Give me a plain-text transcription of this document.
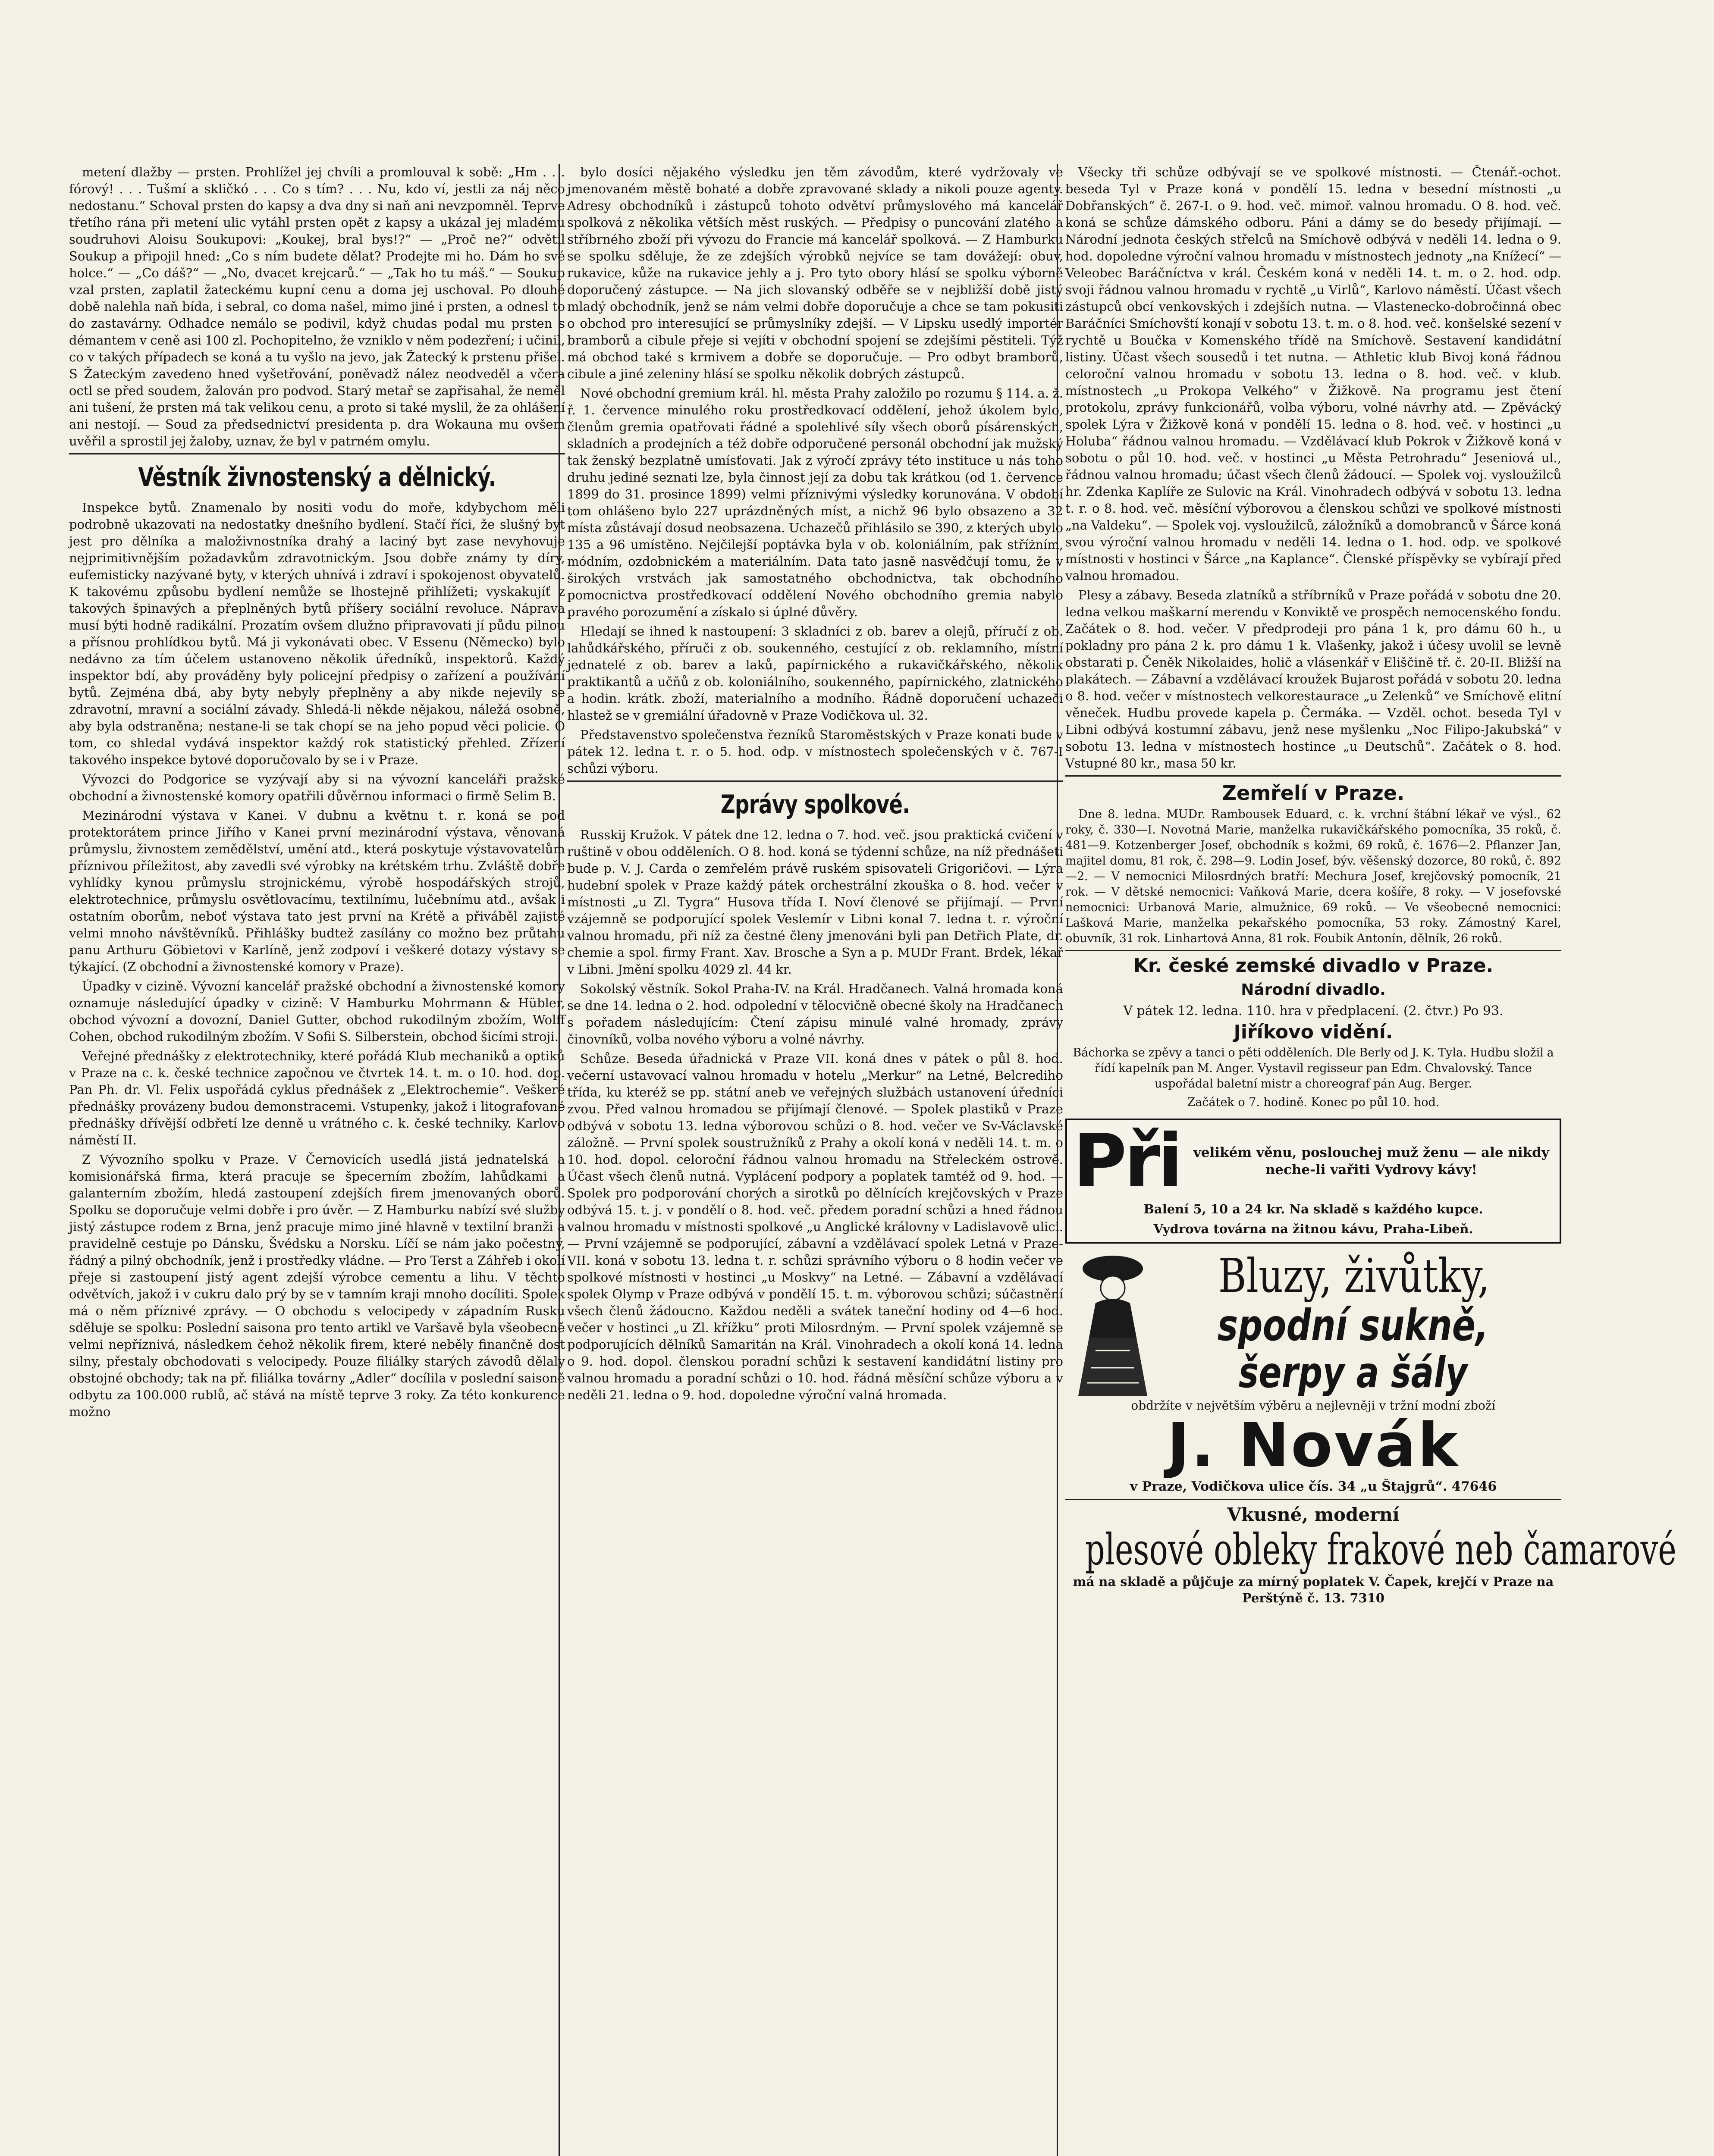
metení dlažby — prsten. Prohlížel jej chvíli a promlouval k sobě: „Hm . . . fórový! . . . Tušmí a skličkó . . . Co s tím? . . . Nu, kdo ví, jestli za náj něco nedostanu.“ Schoval prsten do kapsy a dva dny si naň ani nevzpomněl. Teprve třetího rána při metení ulic vytáhl prsten opět z kapsy a ukázal jej mladému soudruhovi Aloisu Soukupovi: „Koukej, bral bys!?“ — „Proč ne?“ odvětil Soukup a připojil hned: „Co s ním budete dělat? Prodejte mi ho. Dám ho své holce.“ — „Co dáš?“ — „No, dvacet krejcarů.“ — „Tak ho tu máš.“ — Soukup vzal prsten, zaplatil žateckému kupní cenu a doma jej uschoval. Po dlouhé době nalehla naň bída, i sebral, co doma našel, mimo jiné i prsten, a odnesl to do zastavárny. Odhadce nemálo se podivil, když chudas podal mu prsten s démantem v ceně asi 100 zl. Pochopitelno, že vzniklo v něm podezření; i učinil, co v takých případech se koná a tu vyšlo na jevo, jak Žatecký k prstenu přišel. S Žateckým zavedeno hned vyšetřování, poněvadž nález neodveděl a včera octl se před soudem, žalován pro podvod. Starý metař se zapřisahal, že neměl ani tušení, že prsten má tak velikou cenu, a proto si také myslil, že za ohlášení ani nestojí. — Soud za předsednictví presidenta p. dra Wokauna mu ovšem uvěřil a sprostil jej žaloby, uznav, že byl v patrném omylu.

Věstník živnostenský a dělnický.

Inspekce bytů. Znamenalo by nositi vodu do moře, kdybychom měli podrobně ukazovati na nedostatky dnešního bydlení. Stačí říci, že slušný byt jest pro dělníka a maloživnostníka drahý a laciný byt zase nevyhovuje nejprimitivnějším požadavkům zdravotnickým. Jsou dobře známy ty díry, eufemisticky nazývané byty, v kterých uhnívá i zdraví i spokojenost obyvatelů. K takovému způsobu bydlení nemůže se lhostejně přihlížeti; vyskakujíť z takových špinavých a přeplněných bytů příšery sociální revoluce. Náprava musí býti hodně radikální. Prozatím ovšem dlužno připravovati jí půdu pilnou a přísnou prohlídkou bytů. Má ji vykonávati obec. V Essenu (Německo) bylo nedávno za tím účelem ustanoveno několik úředníků, inspektorů. Každý inspektor bdí, aby prováděny byly policejní předpisy o zařízení a používání bytů. Zejména dbá, aby byty nebyly přeplněny a aby nikde nejevily se zdravotní, mravní a sociální závady. Shledá-li někde nějakou, náležá osobně, aby byla odstraněna; nestane-li se tak chopí se na jeho popud věci policie. O tom, co shledal vydává inspektor každý rok statistický přehled. Zřízení takového inspekce bytové doporučovalo by se i v Praze.

Vývozci do Podgorice se vyzývají aby si na vývozní kanceláři pražské obchodní a živnostenské komory opatřili důvěrnou informaci o firmě Selim B.

Mezinárodní výstava v Kanei. V dubnu a květnu t. r. koná se pod protektorátem prince Jiřího v Kanei první mezinárodní výstava, věnovaná průmyslu, živnostem zemědělství, umění atd., která poskytuje výstavovatelům příznivou příležitost, aby zavedli své výrobky na krétském trhu. Zvláště dobře vyhlídky kynou průmyslu strojnickému, výrobě hospodářských strojů, elektrotechnice, průmyslu osvětlovacímu, textilnímu, lučebnímu atd., avšak i ostatním oborům, neboť výstava tato jest první na Krétě a přiváběl zajisté velmi mnoho návštěvníků. Přihlášky budtež zasílány co možno bez průtahu panu Arthuru Göbietovi v Karlíně, jenž zodpoví i veškeré dotazy výstavy se týkající. (Z obchodní a živnostenské komory v Praze).

Úpadky v cizině. Vývozní kancelář pražské obchodní a živnostenské komory oznamuje následující úpadky v cizině: V Hamburku Mohrmann & Hübler, obchod vývozní a dovozní, Daniel Gutter, obchod rukodilným zbožím, Wolff Cohen, obchod rukodilným zbožím. V Sofii S. Silberstein, obchod šicími stroji.

Veřejné přednášky z elektrotechniky, které pořádá Klub mechaniků a optiků v Praze na c. k. české technice započnou ve čtvrtek 14. t. m. o 10. hod. dop. Pan Ph. dr. Vl. Felix uspořádá cyklus přednášek z „Elektrochemie“. Veškeré přednášky provázeny budou demonstracemi. Vstupenky, jakož i litografované přednášky dřívější odbřetí lze denně u vrátného c. k. české techniky. Karlovo náměstí II.

Z Vývozního spolku v Praze. V Černovicích usedlá jistá jednatelská a komisionářská firma, která pracuje se špecerním zbožím, lahůdkami a galanterním zbožím, hledá zastoupení zdejších firem jmenovaných oborů. Spolku se doporučuje velmi dobře i pro úvěr. — Z Hamburku nabízí své služby jistý zástupce rodem z Brna, jenž pracuje mimo jiné hlavně v textilní branži a pravidelně cestuje po Dánsku, Švédsku a Norsku. Líčí se nám jako počestný, řádný a pilný obchodník, jenž i prostředky vládne. — Pro Terst a Záhřeb i okolí přeje si zastoupení jistý agent zdejší výrobce cementu a lihu. V těchto odvětvích, jakož i v cukru dalo prý by se v tamním kraji mnoho docíliti. Spolek má o něm příznivé zprávy. — O obchodu s velocipedy v západním Rusku sděluje se spolku: Poslední saisona pro tento artikl ve Varšavě byla všeobecně velmi nepříznivá, následkem čehož několik firem, které neběly finančně dost silny, přestaly obchodovati s velocipedy. Pouze filiálky starých závodů dělaly obstojné obchody; tak na př. filiálka továrny „Adler“ docílila v poslední saisoně odbytu za 100.000 rublů, ač stává na místě teprve 3 roky. Za této konkurence možno

bylo dosíci nějakého výsledku jen těm závodům, které vydržovaly ve jmenovaném městě bohaté a dobře zpravované sklady a nikoli pouze agenty. Adresy obchodníků i zástupců tohoto odvětví průmyslového má kancelář spolková z několika větších měst ruských. — Předpisy o puncování zlatého a stříbrného zboží při vývozu do Francie má kancelář spolková. — Z Hamburku se spolku sděluje, že ze zdejších výrobků nejvíce se tam dovážejí: obuv, rukavice, kůže na rukavice jehly a j. Pro tyto obory hlásí se spolku výborně doporučený zástupce. — Na jich slovanský odběře se v nejbližší době jistý mladý obchodník, jenž se nám velmi dobře doporučuje a chce se tam pokusiti o obchod pro interesující se průmyslníky zdejší. — V Lipsku usedlý importér bramborů a cibule přeje si vejíti v obchodní spojení se zdejšími pěstiteli. Týž má obchod také s krmivem a dobře se doporučuje. — Pro odbyt bramborů, cibule a jiné zeleniny hlásí se spolku několik dobrých zástupců.

Nové obchodní gremium král. hl. města Prahy založilo po rozumu § 114. a. ž. ř. 1. července minulého roku prostředkovací oddělení, jehož úkolem bylo, členům gremia opatřovati řádné a spolehlivé síly všech oborů písárenských, skladních a prodejních a též dobře odporučené personál obchodní jak mužský tak ženský bezplatně umísťovati. Jak z výročí zprávy této instituce u nás toho druhu jediné seznati lze, byla činnost její za dobu tak krátkou (od 1. července 1899 do 31. prosince 1899) velmi příznivými výsledky korunována. V období tom ohlášeno bylo 227 uprázdněných míst, a nichž 96 bylo obsazeno a 32 místa zůstávají dosud neobsazena. Uchazečů přihlásilo se 390, z kterých ubylo 135 a 96 umístěno. Nejčilejší poptávka byla v ob. koloniálním, pak stříżním, módním, ozdobnickém a materiálním. Data tato jasně nasvědčují tomu, že v širokých vrstvách jak samostatného obchodnictva, tak obchodního pomocnictva prostředkovací oddělení Nového obchodního gremia nabylo pravého porozumění a získalo si úplné důvěry.

Hledají se ihned k nastoupení: 3 skladníci z ob. barev a olejů, příručí z ob. lahůdkářského, příruči z ob. soukenného, cestující z ob. reklamního, místní jednatelé z ob. barev a laků, papírnického a rukavičkářského, několik praktikantů a učňů z ob. koloniálního, soukenného, papírnického, zlatnického a hodin. krátk. zboží, materialního a modního. Řádně doporučení uchazeči hlastež se v gremiální úřadovně v Praze Vodičkova ul. 32.

Představenstvo společenstva řezníků Staroměstských v Praze konati bude v pátek 12. ledna t. r. o 5. hod. odp. v místnostech společenských v č. 767-I schůzi výboru.

Zprávy spolkové.

Russkij Kružok. V pátek dne 12. ledna o 7. hod. več. jsou praktická cvičení v ruštině v obou odděleních. O 8. hod. koná se týdenní schůze, na níž přednášeti bude p. V. J. Carda o zemřelém právě ruském spisovateli Grigoričovi. — Lýra hudební spolek v Praze každý pátek orchestrální zkouška o 8. hod. večer v místnosti „u Zl. Tygra“ Husova třída I. Noví členové se přijímají. — První vzájemně se podporující spolek Veslemír v Libni konal 7. ledna t. r. výroční valnou hromadu, při níž za čestné členy jmenováni byli pan Detřich Plate, dr. chemie a spol. firmy Frant. Xav. Brosche a Syn a p. MUDr Frant. Brdek, lékař v Libni. Jmění spolku 4029 zl. 44 kr.

Sokolský věstník. Sokol Praha-IV. na Král. Hradčanech. Valná hromada koná se dne 14. ledna o 2. hod. odpolední v tělocvičně obecné školy na Hradčanech s pořadem následujícím: Čtení zápisu minulé valné hromady, zprávy činovníků, volba nového výboru a volné návrhy.

Schůze. Beseda úřadnická v Praze VII. koná dnes v pátek o půl 8. hod. večerní ustavovací valnou hromadu v hotelu „Merkur“ na Letné, Belcrediho třída, ku kteréž se pp. státní aneb ve veřejných službách ustanovení úředníci zvou. Před valnou hromadou se přijímají členové. — Spolek plastiků v Praze odbývá v sobotu 13. ledna výborovou schůzi o 8. hod. večer ve Sv-Václavské záložně. — První spolek soustružníků z Prahy a okolí koná v neděli 14. t. m. o 10. hod. dopol. celoroční řádnou valnou hromadu na Střeleckém ostrově. Účast všech členů nutná. Vyplácení podpory a poplatek tamtéž od 9. hod. — Spolek pro podporování chorých a sirotků po dělnících krejčovských v Praze odbývá 15. t. j. v pondělí o 8. hod. več. předem poradní schůzi a hned řádnou valnou hromadu v místnosti spolkové „u Anglické královny v Ladislavově ulici. — První vzájemně se podporující, zábavní a vzdělávací spolek Letná v Praze-VII. koná v sobotu 13. ledna t. r. schůzi správního výboru o 8 hodin večer ve spolkové místnosti v hostinci „u Moskvy“ na Letné. — Zábavní a vzdělávací spolek Olymp v Praze odbývá v pondělí 15. t. m. výborovou schůzi; súčastnění všech členů žádoucno. Každou neděli a svátek taneční hodiny od 4—6 hod. večer v hostinci „u Zl. křížku“ proti Milosrdným. — První spolek vzájemně se podporujících dělníků Samaritán na Král. Vinohradech a okolí koná 14. ledna o 9. hod. dopol. členskou poradní schůzi k sestavení kandidátní listiny pro valnou hromadu a poradní schůzi o 10. hod. řádná měsíční schůze výboru a v neděli 21. ledna o 9. hod. dopoledne výroční valná hromada.

Všecky tři schůze odbývají se ve spolkové místnosti. — Čtenář.-ochot. beseda Tyl v Praze koná v pondělí 15. ledna v besední místnosti „u Dobřanských“ č. 267-I. o 9. hod. več. mimoř. valnou hromadu. O 8. hod. več. koná se schůze dámského odboru. Páni a dámy se do besedy přijímají. — Národní jednota českých střelců na Smíchově odbývá v neděli 14. ledna o 9. hod. dopoledne výroční valnou hromadu v místnostech jednoty „na Knížecí“ — Veleobec Baráčníctva v král. Českém koná v neděli 14. t. m. o 2. hod. odp. svoji řádnou valnou hromadu v rychtě „u Virlů“, Karlovo náměstí. Účast všech zástupců obcí venkovských i zdejších nutna. — Vlastenecko-dobročinná obec Baráčníci Smíchovští konají v sobotu 13. t. m. o 8. hod. več. konšelské sezení v rychtě u Boučka v Komenského třídě na Smíchově. Sestavení kandidátní listiny. Účast všech sousedů i tet nutna. — Athletic klub Bivoj koná řádnou celoroční valnou hromadu v sobotu 13. ledna o 8. hod. več. v klub. místnostech „u Prokopa Velkého“ v Žižkově. Na programu jest čtení protokolu, zprávy funkcionářů, volba výboru, volné návrhy atd. — Zpěvácký spolek Lýra v Žižkově koná v pondělí 15. ledna o 8. hod. več. v hostinci „u Holuba“ řádnou valnou hromadu. — Vzdělávací klub Pokrok v Žižkově koná v sobotu o půl 10. hod. več. v hostinci „u Města Petrohradu“ Jeseniová ul., řádnou valnou hromadu; účast všech členů žádoucí. — Spolek voj. vysloužilců hr. Zdenka Kaplíře ze Sulovic na Král. Vinohradech odbývá v sobotu 13. ledna t. r. o 8. hod. več. měsíční výborovou a členskou schůzi ve spolkové místnosti „na Valdeku“. — Spolek voj. vysloužilců, záložníků a domobranců v Šárce koná svou výroční valnou hromadu v neděli 14. ledna o 1. hod. odp. ve spolkové místnosti v hostinci v Šárce „na Kaplance“. Členské příspěvky se vybírají před valnou hromadou.

Plesy a zábavy. Beseda zlatníků a stříbrníků v Praze pořádá v sobotu dne 20. ledna velkou maškarní merendu v Konviktě ve prospěch nemocenského fondu. Začátek o 8. hod. večer. V předprodeji pro pána 1 k, pro dámu 60 h., u pokladny pro pána 2 k. pro dámu 1 k. Vlašenky, jakož i účesy uvolil se levně obstarati p. Čeněk Nikolaides, holič a vlásenkář v Eliščině tř. č. 20-II. Bližší na plakátech. — Zábavní a vzdělávací kroužek Bujarost pořádá v sobotu 20. ledna o 8. hod. večer v místnostech velkorestaurace „u Zelenků“ ve Smíchově elitní věneček. Hudbu provede kapela p. Čermáka. — Vzděl. ochot. beseda Tyl v Libni odbývá kostumní zábavu, jenž nese myšlenku „Noc Filipo-Jakubská“ v sobotu 13. ledna v místnostech hostince „u Deutschů“. Začátek o 8. hod. Vstupné 80 kr., masa 50 kr.

Zemřelí v Praze.

Dne 8. ledna. MUDr. Rambousek Eduard, c. k. vrchní štábní lékař ve výsl., 62 roky, č. 330—I. Novotná Marie, manželka rukavičkářského pomocníka, 35 roků, č. 481—9. Kotzenberger Josef, obchodník s kožmi, 69 roků, č. 1676—2. Pflanzer Jan, majitel domu, 81 rok, č. 298—9. Lodin Josef, býv. věšenský dozorce, 80 roků, č. 892—2. — V nemocnici Milosrdných bratří: Mechura Josef, krejčovský pomocník, 21 rok. — V dětské nemocnici: Vaňková Marie, dcera košíře, 8 roky. — V josefovské nemocnici: Urbanová Marie, almužnice, 69 roků. — Ve všeobecné nemocnici: Lašková Marie, manželka pekařského pomocníka, 53 roky. Zámostný Karel, obuvník, 31 rok. Linhartová Anna, 81 rok. Foubik Antonín, dělník, 26 roků.

Kr. české zemské divadlo v Praze.
Národní divadlo.

V pátek 12. ledna. 110. hra v předplacení. (2. čtvr.) Po 93.

Jiříkovo vidění.

Báchorka se zpěvy a tanci o pěti odděleních. Dle Berly od J. K. Tyla. Hudbu složil a řídí kapelník pan M. Anger. Vystavil regisseur pan Edm. Chvalovský. Tance uspořádal baletní mistr a choreograf pán Aug. Berger.

Začátek o 7. hodině. Konec po půl 10. hod.

Při velikém věnu, poslouchej muž ženu — ale nikdy neche-li vařiti Vydrovy kávy!
Balení 5, 10 a 24 kr. Na skladě s každého kupce.
Vydrova továrna na žitnou kávu, Praha-Libeň.
Bluzy, živůtky,
spodní sukně,
šerpy a šály
obdržíte v největším výběru a nejlevněji v tržní modní zboží
J. Novák
v Praze, Vodičkova ulice čís. 34 „u Štajgrů“. 47646
Vkusné, moderní
plesové obleky frakové neb čamarové
má na skladě a půjčuje za mírný poplatek V. Čapek, krejčí v Praze na Perštýně č. 13. 7310
